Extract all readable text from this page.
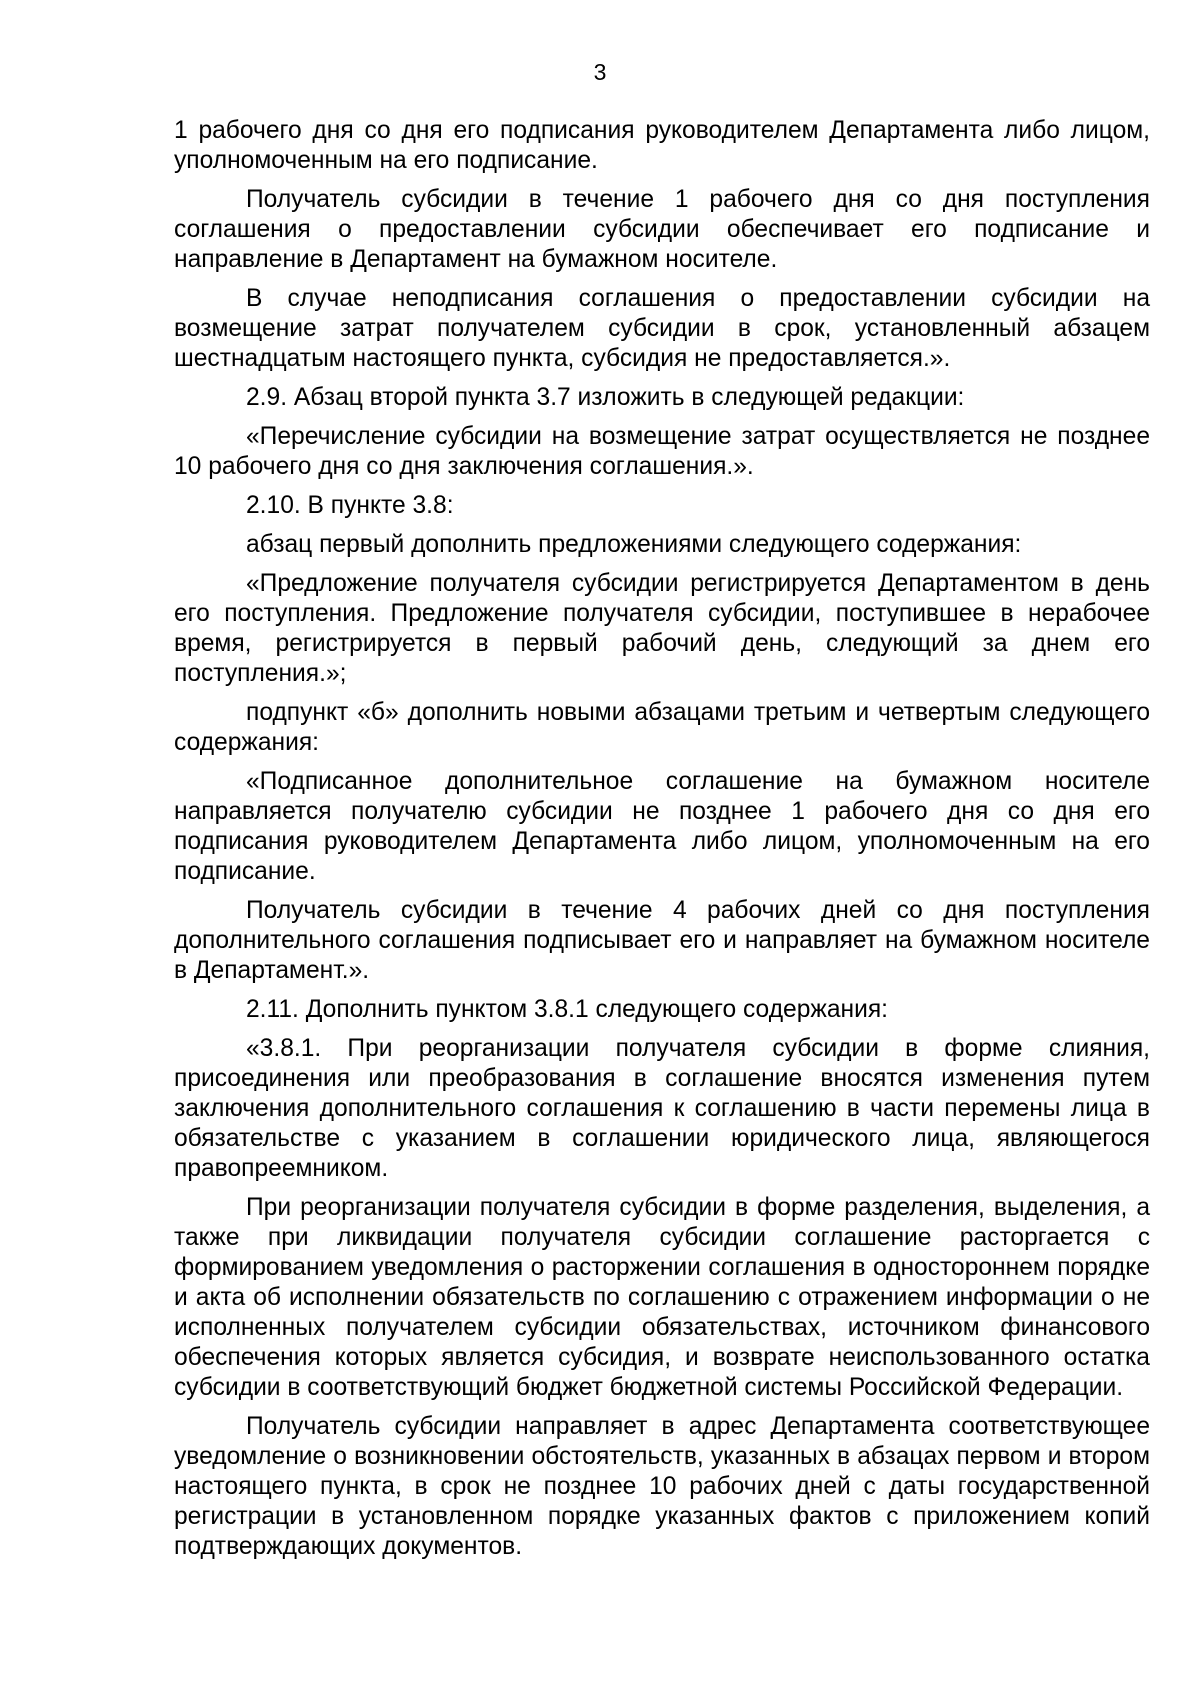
3

1 рабочего дня со дня его подписания руководителем Департамента либо лицом, уполномоченным на его подписание.

Получатель субсидии в течение 1 рабочего дня со дня поступления соглашения о предоставлении субсидии обеспечивает его подписание и направление в Департамент на бумажном носителе.

В случае неподписания соглашения о предоставлении субсидии на возмещение затрат получателем субсидии в срок, установленный абзацем шестнадцатым настоящего пункта, субсидия не предоставляется.».

2.9. Абзац второй пункта 3.7 изложить в следующей редакции:

«Перечисление субсидии на возмещение затрат осуществляется не позднее 10 рабочего дня со дня заключения соглашения.».

2.10. В пункте 3.8:

абзац первый дополнить предложениями следующего содержания:

«Предложение получателя субсидии регистрируется Департаментом в день его поступления. Предложение получателя субсидии, поступившее в нерабочее время, регистрируется в первый рабочий день, следующий за днем его поступления.»;

подпункт «б» дополнить новыми абзацами третьим и четвертым следующего содержания:

«Подписанное дополнительное соглашение на бумажном носителе направляется получателю субсидии не позднее 1 рабочего дня со дня его подписания руководителем Департамента либо лицом, уполномоченным на его подписание.

Получатель субсидии в течение 4 рабочих дней со дня поступления дополнительного соглашения подписывает его и направляет на бумажном носителе в Департамент.».

2.11. Дополнить пунктом 3.8.1 следующего содержания:

«3.8.1. При реорганизации получателя субсидии в форме слияния, присоединения или преобразования в соглашение вносятся изменения путем заключения дополнительного соглашения к соглашению в части перемены лица в обязательстве с указанием в соглашении юридического лица, являющегося правопреемником.

При реорганизации получателя субсидии в форме разделения, выделения, а также при ликвидации получателя субсидии соглашение расторгается с формированием уведомления о расторжении соглашения в одностороннем порядке и акта об исполнении обязательств по соглашению с отражением информации о не исполненных получателем субсидии обязательствах, источником финансового обеспечения которых является субсидия, и возврате неиспользованного остатка субсидии в соответствующий бюджет бюджетной системы Российской Федерации.

Получатель субсидии направляет в адрес Департамента соответствующее уведомление о возникновении обстоятельств, указанных в абзацах первом и втором настоящего пункта, в срок не позднее 10 рабочих дней с даты государственной регистрации в установленном порядке указанных фактов с приложением копий подтверждающих документов.
